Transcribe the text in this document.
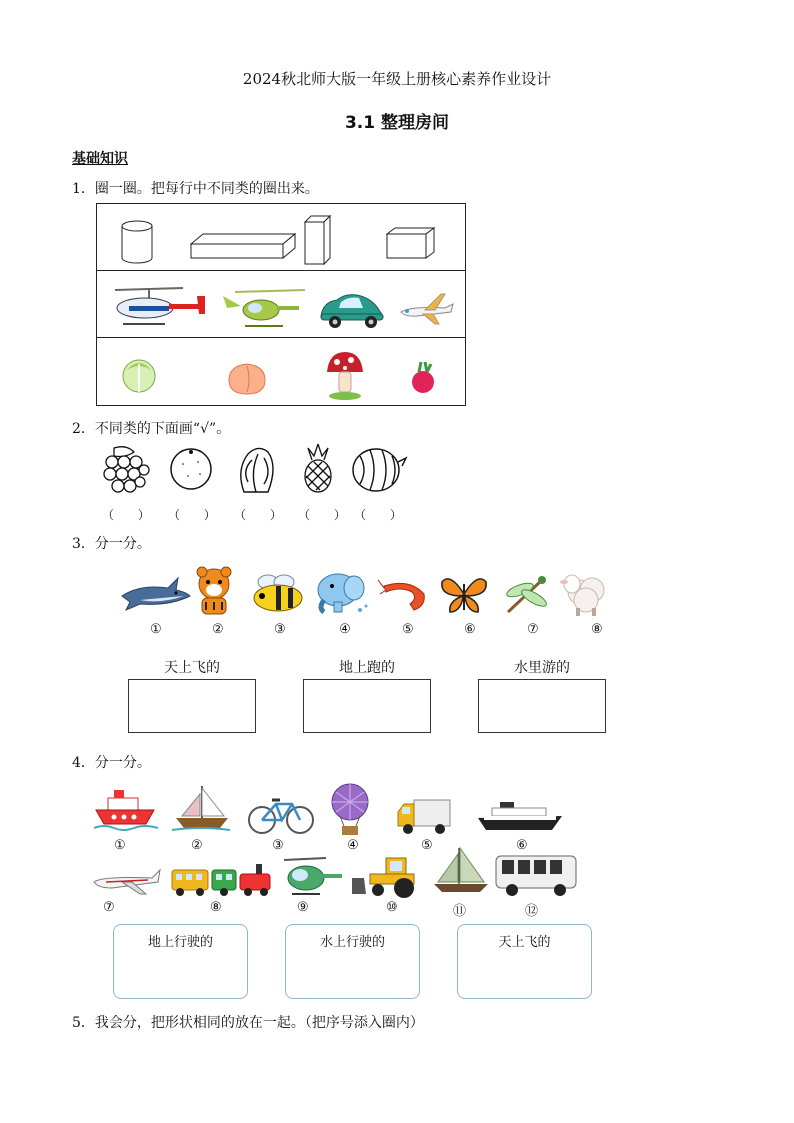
2024秋北师大版一年级上册核心素养作业设计
3.1 整理房间
基础知识
1．圈一圈。把每行中不同类的圈出来。
2．不同类的下面画“√”。
（ ） （ ） （ ） （ ）
（ ）
3．分一分。
①	②	③	④	⑤	⑥	⑦	⑧
天上飞的	地上跑的	水里游的
4．分一分。
①	②	③	④	⑤	⑥
⑦	⑧	⑨	⑩	⑪	⑫
地上行驶的	水上行驶的	天上飞的
5．我会分，把形状相同的放在一起。（把序号添入圈内）
